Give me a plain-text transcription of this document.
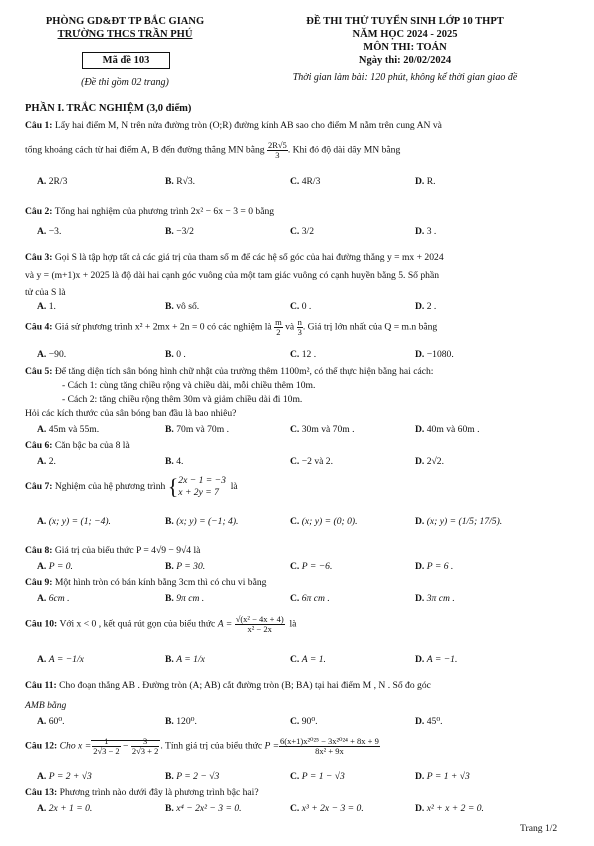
PHÒNG GD&ĐT TP BẮC GIANG
TRƯỜNG THCS TRẦN PHÚ
Mã đề 103
(Đề thi gồm 02 trang)
ĐỀ THI THỬ TUYỂN SINH LỚP 10 THPT
NĂM HỌC 2024 - 2025
MÔN THI: TOÁN
Ngày thi: 20/02/2024
Thời gian làm bài: 120 phút, không kể thời gian giao đề
PHẦN I. TRẮC NGHIỆM (3,0 điểm)
Câu 1: Lấy hai điểm M, N trên nửa đường tròn (O;R) đường kính AB sao cho điểm M nằm trên cung AN và
tổng khoảng cách từ hai điểm A, B đến đường thẳng MN bằng $\frac{2R√5}{3}$ . Khi đó độ dài dây MN bằng
A. 2R/3	B. R√3.	C. 4R/3	D. R.
Câu 2: Tổng hai nghiệm của phương trình 2x² − 6x − 3 = 0 bằng
A. −3.	B. −3/2	C. 3/2	D. 3 .
Câu 3: Gọi S là tập hợp tất cả các giá trị của tham số m để các hệ số góc của hai đường thẳng y = mx + 2024
và y = (m+1)x + 2025 là độ dài hai cạnh góc vuông của một tam giác vuông có cạnh huyền bằng 5. Số phần
tử của S là
A. 1.	B. vô số.	C. 0 .	D. 2 .
Câu 4: Giả sử phương trình x² + 2mx + 2n = 0 có các nghiệm là $\frac{m}{2}$ và $\frac{n}{3}$ . Giá trị lớn nhất của Q = m.n bằng
A. −90.	B. 0 .	C. 12 .	D. −1080.
Câu 5: Để tăng diện tích sân bóng hình chữ nhật của trường thêm 1100m², có thể thực hiện bằng hai cách:
- Cách 1: cùng tăng chiều rộng và chiều dài, mỗi chiều thêm 10m.
- Cách 2: tăng chiều rộng thêm 30m và giảm chiều dài đi 10m.
Hỏi các kích thước của sân bóng ban đầu là bao nhiêu?
A. 45m và 55m.	B. 70m và 70m .	C. 30m và 70m .	D. 40m và 60m .
Câu 6: Căn bậc ba của 8 là
A. 2.	B. 4.	C. −2 và 2.	D. 2√2.
Câu 7: Nghiệm của hệ phương trình {2x − 1 = −3
x + 2y = 7  là
A. (x; y) = (1; −4).	B. (x; y) = (−1; 4).	C. (x; y) = (0; 0).	D. (x; y) = (1/5; 17/5).
Câu 8: Giá trị của biểu thức P = 4√9 − 9√4 là
A. P = 0.	B. P = 30.	C. P = −6.	D. P = 6 .
Câu 9: Một hình tròn có bán kính bằng 3cm thì có chu vi bằng
A. 6cm .	B. 9π cm .	C. 6π cm .	D. 3π cm .
Câu 10: Với x < 0 , kết quả rút gọn của biểu thức $A = \frac{\text{√(x² − 4x + 4)}}{\text{x² − 2x}}$ là
A. A = −1/x	B. A = 1/x	C. A = 1.	D. A = −1.
Câu 11: Cho đoạn thẳng AB . Đường tròn (A; AB) cắt đường tròn (B; BA) tại hai điểm M , N . Số đo góc
AMB bằng
A. 60⁰.	B. 120⁰.	C. 90⁰.	D. 45⁰.
Câu 12: Cho $x = \frac{1}{2√3 - 2} - \frac{3}{2√3 + 2}$ . Tính giá trị của biểu thức $P = \frac{\text{6(x+1)x²⁰²⁵ − 3x²⁰²⁴ + 8x + 9}}{\text{8x² + 9x}}$
A. P = 2 + √3	B. P = 2 − √3	C. P = 1 − √3	D. P = 1 + √3
Câu 13: Phương trình nào dưới đây là phương trình bậc hai?
A. 2x + 1 = 0.	B. x⁴ − 2x² − 3 = 0.	C. x³ + 2x − 3 = 0.	D. x² + x + 2 = 0.
Trang 1/2
